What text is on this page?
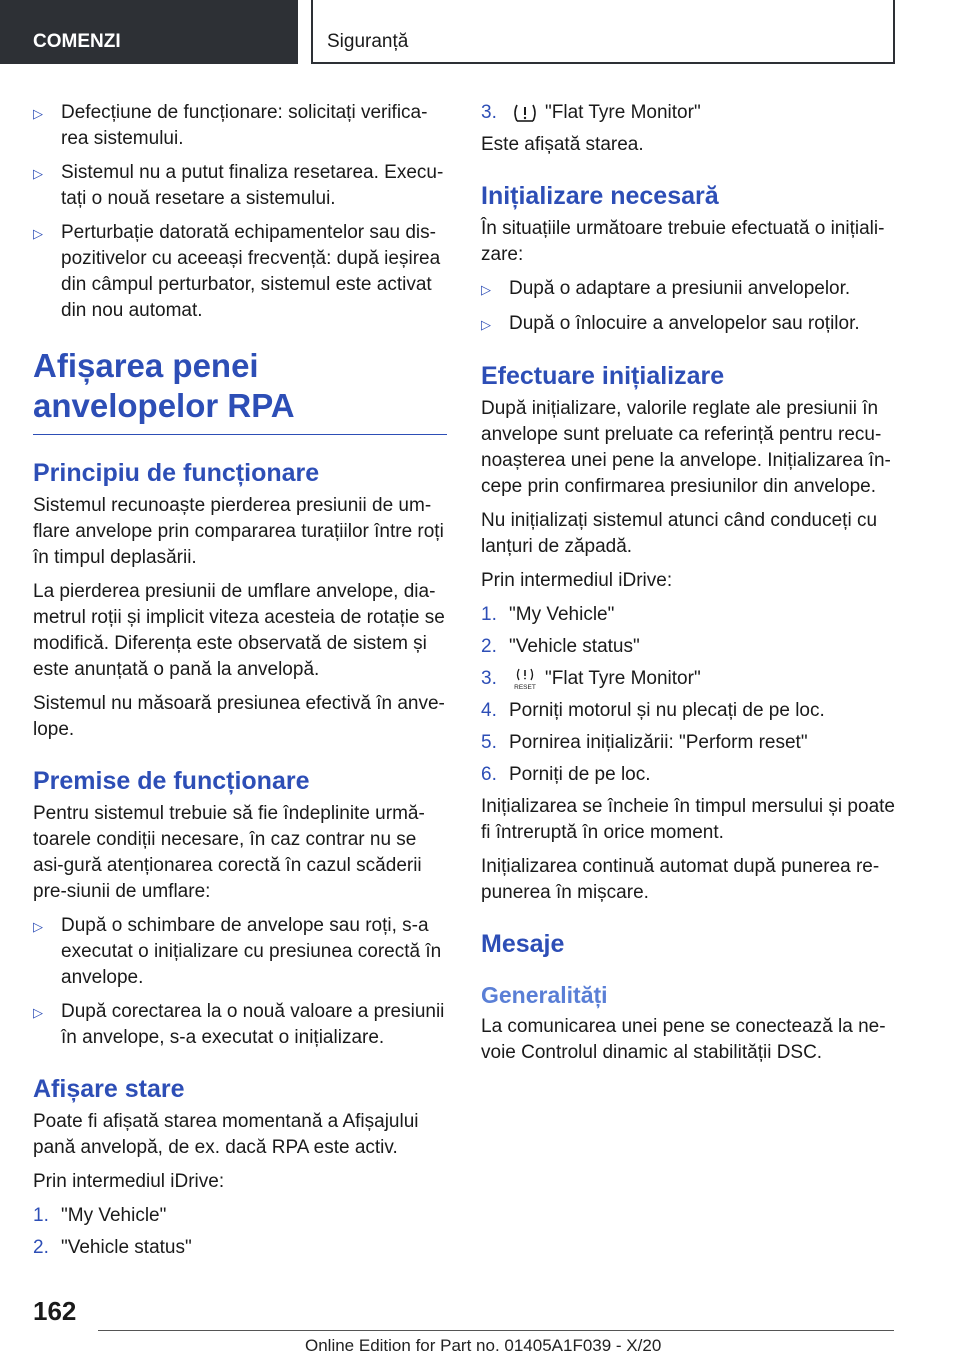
COMENZI	Siguranță
▷ Defecțiune de funcționare: solicitați verifica-rea sistemului.
▷ Sistemul nu a putut finaliza resetarea. Execu-tați o nouă resetare a sistemului.
▷ Perturbație datorată echipamentelor sau dis-pozitivelor cu aceeași frecvență: după ieșirea din câmpul perturbator, sistemul este activat din nou automat.
Afișarea penei anvelopelor RPA
Principiu de funcționare

Sistemul recunoaște pierderea presiunii de um-flare anvelope prin compararea turațiilor între roți în timpul deplasării.

La pierderea presiunii de umflare anvelope, dia-metrul roții și implicit viteza acesteia de rotație se modifică. Diferența este observată de sistem și este anunțată o pană la anvelopă.

Sistemul nu măsoară presiunea efectivă în anve-lope.

Premise de funcționare

Pentru sistemul trebuie să fie îndeplinite urmă-toarele condiții necesare, în caz contrar nu se asi-gură atenționarea corectă în cazul scăderii pre-siunii de umflare:

▷ După o schimbare de anvelope sau roți, s-a executat o inițializare cu presiunea corectă în anvelope.
▷ După corectarea la o nouă valoare a presiunii în anvelope, s-a executat o inițializare.
Afișare stare

Poate fi afișată starea momentană a Afișajului pană anvelopă, de ex. dacă RPA este activ.

Prin intermediul iDrive:

1. "My Vehicle"
2. "Vehicle status"
3.	"Flat Tyre Monitor"

Este afișată starea.

Inițializare necesară

În situațiile următoare trebuie efectuată o inițiali-zare:

▷ După o adaptare a presiunii anvelopelor.
▷ După o înlocuire a anvelopelor sau roților.
Efectuare inițializare

După inițializare, valorile reglate ale presiunii în anvelope sunt preluate ca referință pentru recu-noașterea unei pene la anvelope. Inițializarea în-cepe prin confirmarea presiunilor din anvelope.

Nu inițializați sistemul atunci când conduceți cu lanțuri de zăpadă.

Prin intermediul iDrive:

1. "My Vehicle"
2. "Vehicle status"
3.	RESET "Flat Tyre Monitor"
4. Porniți motorul și nu plecați de pe loc.
5. Pornirea inițializării: "Perform reset"
6. Porniți de pe loc.

Inițializarea se încheie în timpul mersului și poate fi întreruptă în orice moment.

Inițializarea continuă automat după punerea re-punerea în mișcare.

Mesaje
Generalități

La comunicarea unei pene se conectează la ne-voie Controlul dinamic al stabilității DSC.

162
Online Edition for Part no. 01405A1F039 - X/20
